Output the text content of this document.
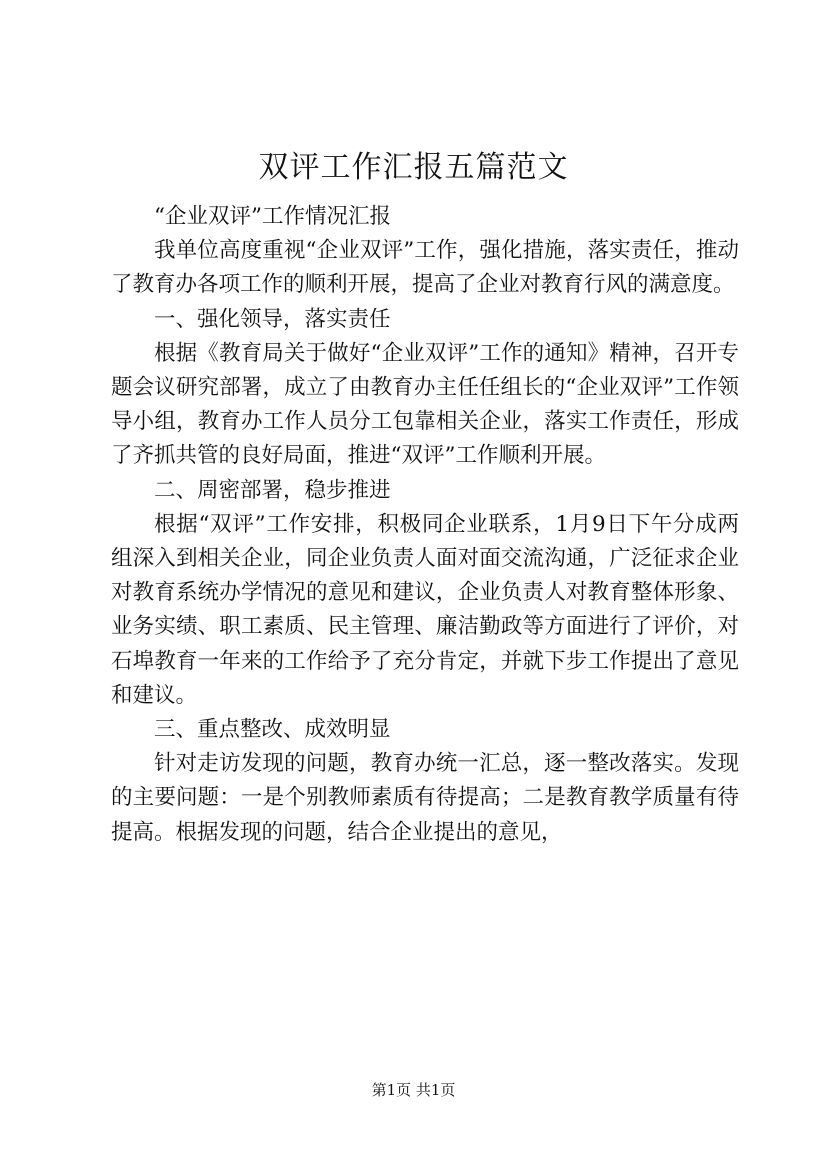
双评工作汇报五篇范文

“企业双评”工作情况汇报

我单位高度重视“企业双评”工作，强化措施，落实责任，推动了教育办各项工作的顺利开展，提高了企业对教育行风的满意度。

一、强化领导，落实责任

根据《教育局关于做好“企业双评”工作的通知》精神，召开专题会议研究部署，成立了由教育办主任任组长的“企业双评”工作领导小组，教育办工作人员分工包靠相关企业，落实工作责任，形成了齐抓共管的良好局面，推进“双评”工作顺利开展。

二、周密部署，稳步推进

根据“双评”工作安排，积极同企业联系，1月9日下午分成两组深入到相关企业，同企业负责人面对面交流沟通，广泛征求企业对教育系统办学情况的意见和建议，企业负责人对教育整体形象、业务实绩、职工素质、民主管理、廉洁勤政等方面进行了评价，对石埠教育一年来的工作给予了充分肯定，并就下步工作提出了意见和建议。

三、重点整改、成效明显

针对走访发现的问题，教育办统一汇总，逐一整改落实。发现的主要问题：一是个别教师素质有待提高；二是教育教学质量有待提高。根据发现的问题，结合企业提出的意见，

第1页 共1页
